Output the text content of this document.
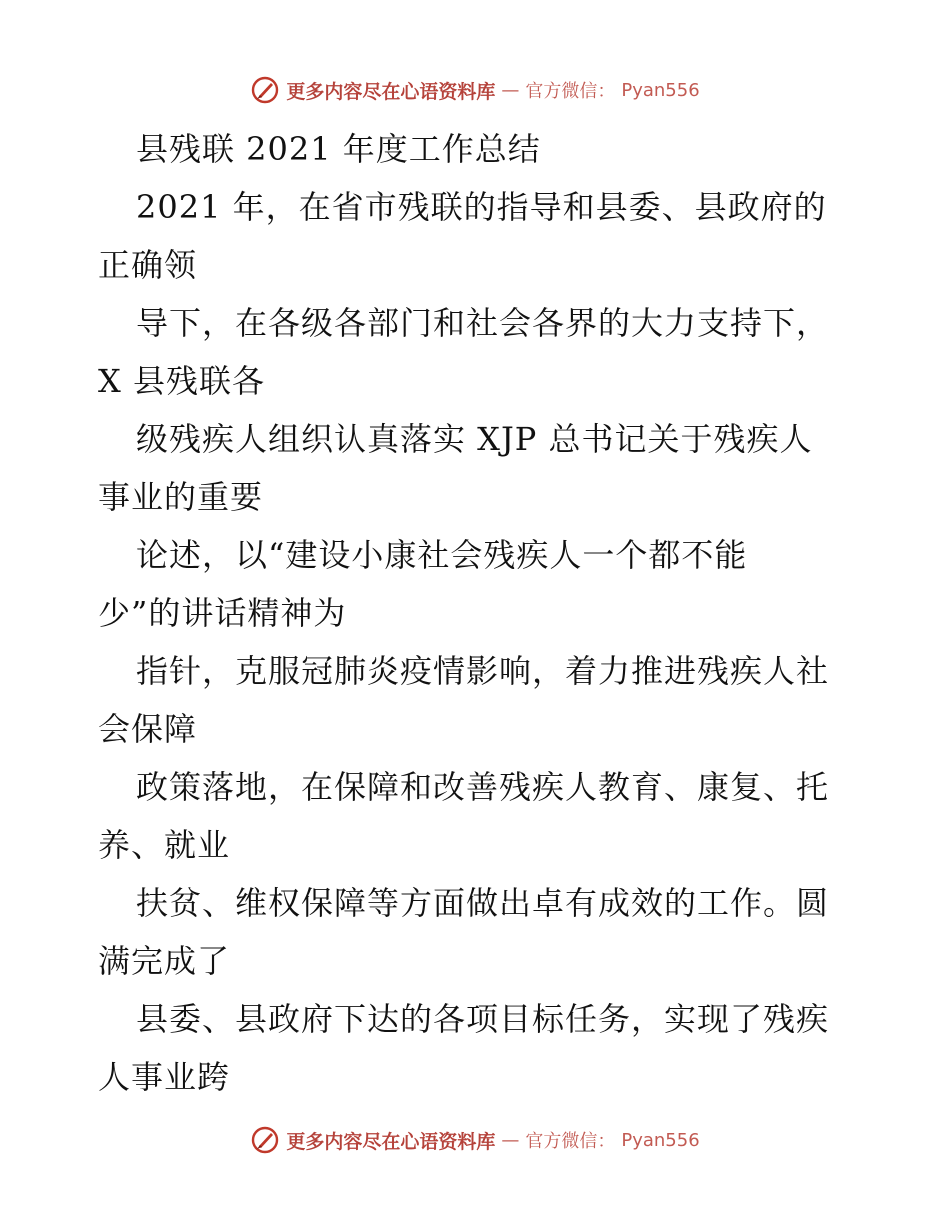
更多内容尽在心语资料库 — 官方微信： Pyan556
县残联 2021 年度工作总结
2021 年，在省市残联的指导和县委、县政府的
正确领
导下，在各级各部门和社会各界的大力支持下，
X 县残联各
级残疾人组织认真落实 XJP 总书记关于残疾人
事业的重要
论述，以“建设小康社会残疾人一个都不能
少”的讲话精神为
指针，克服冠肺炎疫情影响，着力推进残疾人社
会保障
政策落地，在保障和改善残疾人教育、康复、托
养、就业
扶贫、维权保障等方面做出卓有成效的工作。圆
满完成了
县委、县政府下达的各项目标任务，实现了残疾
人事业跨
更多内容尽在心语资料库 — 官方微信： Pyan556
